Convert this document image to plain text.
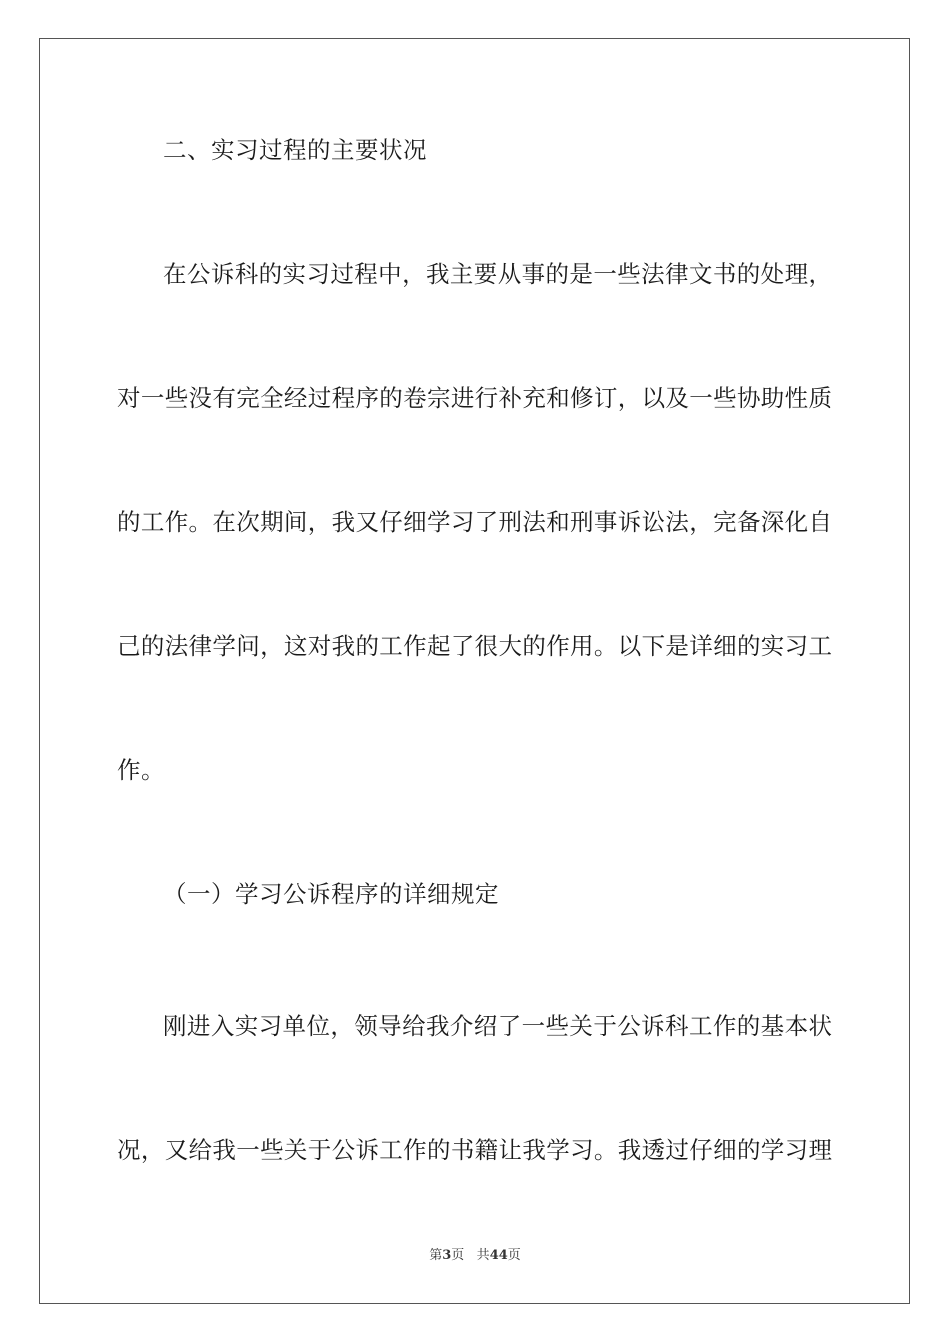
二、实习过程的主要状况
在公诉科的实习过程中，我主要从事的是一些法律文书的处理，
对一些没有完全经过程序的卷宗进行补充和修订，以及一些协助性质
的工作。在次期间，我又仔细学习了刑法和刑事诉讼法，完备深化自
己的法律学问，这对我的工作起了很大的作用。以下是详细的实习工
作。
（一）学习公诉程序的详细规定
刚进入实习单位，领导给我介绍了一些关于公诉科工作的基本状
况，又给我一些关于公诉工作的书籍让我学习。我透过仔细的学习理
第3页 共44页
